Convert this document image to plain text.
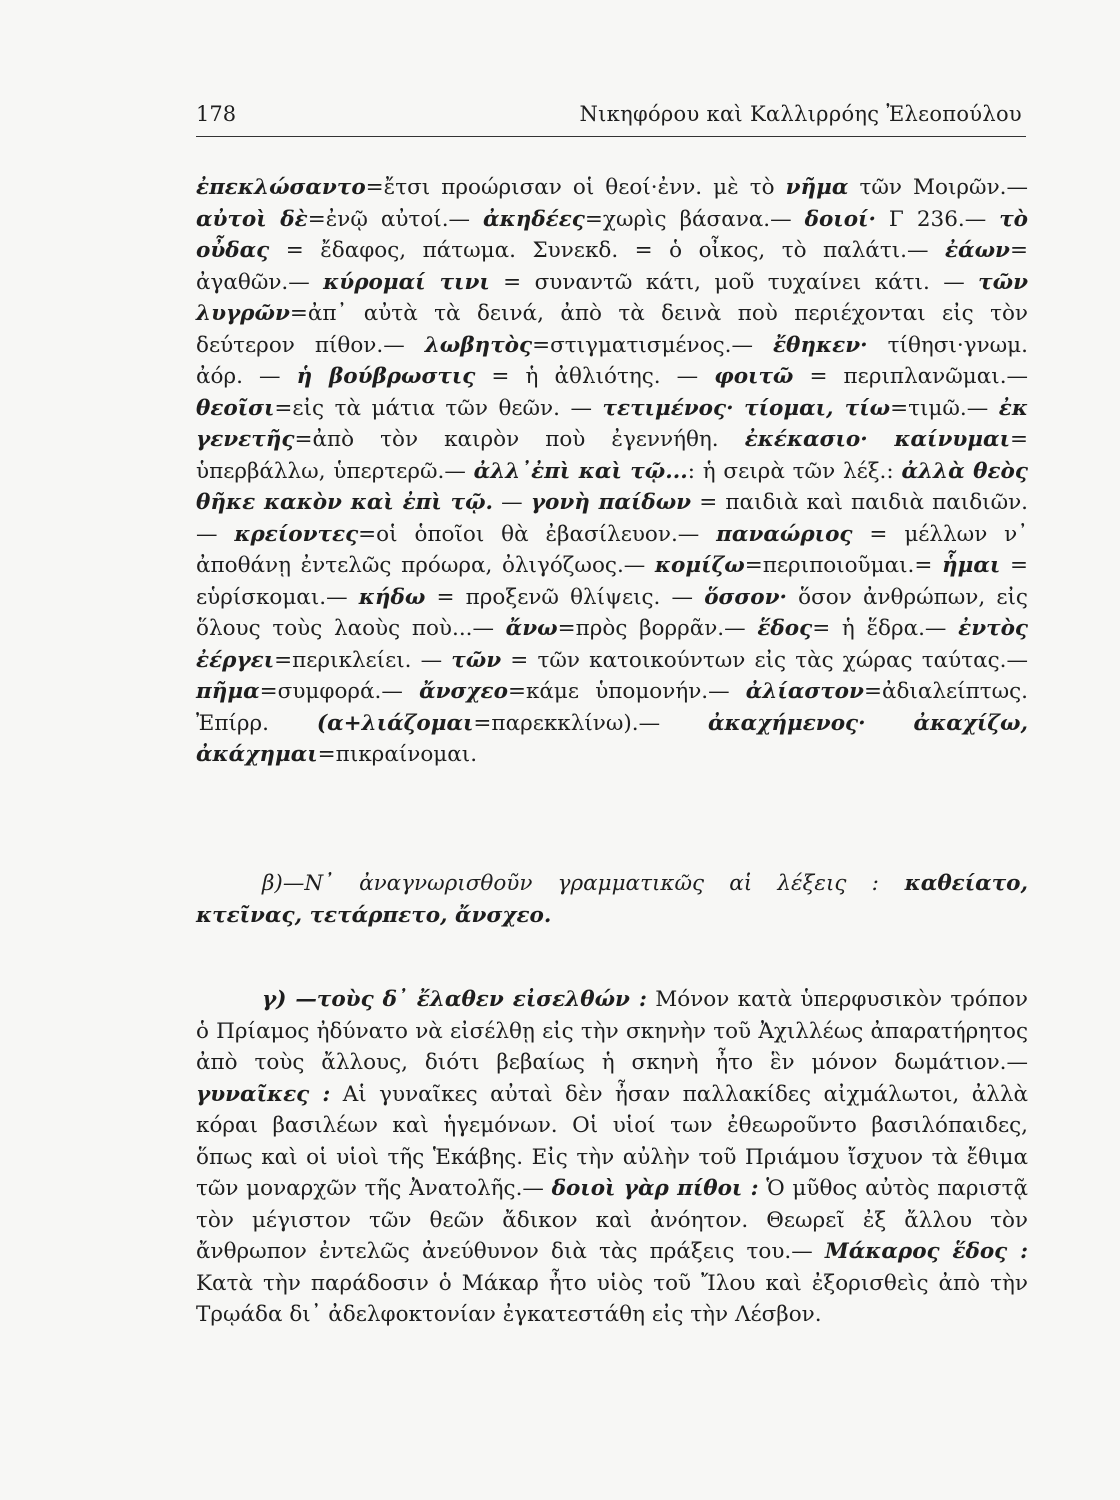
178	Νικηφόρου καὶ Καλλιρρόης Ἐλεοπούλου
ἐπεκλώσαντο=ἔτσι προώρισαν οἱ θεοί·ἐνν. μὲ τὸ νῆμα τῶν Μοιρῶν.— αὐτοὶ δὲ=ἐνῷ αὐτοί.— ἀκηδέες=χωρὶς βάσανα.— δοιοί· Γ 236.— τὸ οὖδας = ἔδαφος, πάτωμα. Συνεκδ. = ὁ οἶκος, τὸ παλάτι.— ἐάων= ἀγαθῶν.— κύρομαί τινι = συναντῶ κάτι, μοῦ τυχαίνει κάτι. — τῶν λυγρῶν=ἀπ᾽ αὐτὰ τὰ δεινά, ἀπὸ τὰ δεινὰ ποὺ περιέχονται εἰς τὸν δεύτερον πίθον.— λωβητὸς=στιγματισμένος.— ἔθηκεν· τίθησι·γνωμ. ἀόρ. — ἡ βούβρωστις = ἡ ἀθλιότης. — φοιτῶ = περιπλανῶμαι.— θεοῖσι=εἰς τὰ μάτια τῶν θεῶν. — τετιμένος· τίομαι, τίω=τιμῶ.— ἐκ γενετῆς=ἀπὸ τὸν καιρὸν ποὺ ἐγεννήθη. ἐκέκασιο· καίνυμαι= ὑπερβάλλω, ὑπερτερῶ.— ἀλλ᾽ἐπὶ καὶ τῷ...: ἡ σειρὰ τῶν λέξ.: ἀλλὰ θεὸς θῆκε κακὸν καὶ ἐπὶ τῷ. — γονὴ παίδων = παιδιὰ καὶ παιδιὰ παιδιῶν.— κρείοντες=οἱ ὁποῖοι θὰ ἐβασίλευον.— παναώριος = μέλλων ν᾽ ἀποθάνῃ ἐντελῶς πρόωρα, ὀλιγόζωος.— κομίζω=περιποιοῦμαι.= ἧμαι = εὑρίσκομαι.— κήδω = προξενῶ θλίψεις. — ὅσσον· ὅσον ἀνθρώπων, εἰς ὅλους τοὺς λαοὺς ποὺ...— ἄνω=πρὸς βορρᾶν.— ἕδος= ἡ ἕδρα.— ἐντὸς ἐέργει=περικλείει. — τῶν = τῶν κατοικούντων εἰς τὰς χώρας ταύτας.— πῆμα=συμφορά.— ἄνσχεο=κάμε ὑπομονήν.— ἀλίαστον=ἀδιαλείπτως. Ἐπίρρ. (α+λιάζομαι=παρεκκλίνω).— ἀκαχήμενος· ἀκαχίζω, ἀκάχημαι=πικραίνομαι.
β)—Ν᾽ ἀναγνωρισθοῦν γραμματικῶς αἱ λέξεις : καθείατο, κτεῖνας, τετάρπετο, ἄνσχεο.
γ) —τοὺς δ᾽ ἔλαθεν εἰσελθών : Μόνον κατὰ ὑπερφυσικὸν τρόπον ὁ Πρίαμος ἠδύνατο νὰ εἰσέλθῃ εἰς τὴν σκηνὴν τοῦ Ἀχιλλέως ἀπαρατήρητος ἀπὸ τοὺς ἄλλους, διότι βεβαίως ἡ σκηνὴ ἦτο ἓν μόνον δωμάτιον.— γυναῖκες : Αἱ γυναῖκες αὐταὶ δὲν ἦσαν παλλακίδες αἰχμάλωτοι, ἀλλὰ κόραι βασιλέων καὶ ἡγεμόνων. Οἱ υἱοί των ἐθεωροῦντο βασιλόπαιδες, ὅπως καὶ οἱ υἱοὶ τῆς Ἑκάβης. Εἰς τὴν αὐλὴν τοῦ Πριάμου ἴσχυον τὰ ἔθιμα τῶν μοναρχῶν τῆς Ἀνατολῆς.— δοιοὶ γὰρ πίθοι : Ὁ μῦθος αὐτὸς παριστᾷ τὸν μέγιστον τῶν θεῶν ἄδικον καὶ ἀνόητον. Θεωρεῖ ἐξ ἄλλου τὸν ἄνθρωπον ἐντελῶς ἀνεύθυνον διὰ τὰς πράξεις του.— Μάκαρος ἕδος : Κατὰ τὴν παράδοσιν ὁ Μάκαρ ἦτο υἱὸς τοῦ Ἴλου καὶ ἐξορισθεὶς ἀπὸ τὴν Τρῳάδα δι᾽ ἀδελφοκτονίαν ἐγκατεστάθη εἰς τὴν Λέσβον.
